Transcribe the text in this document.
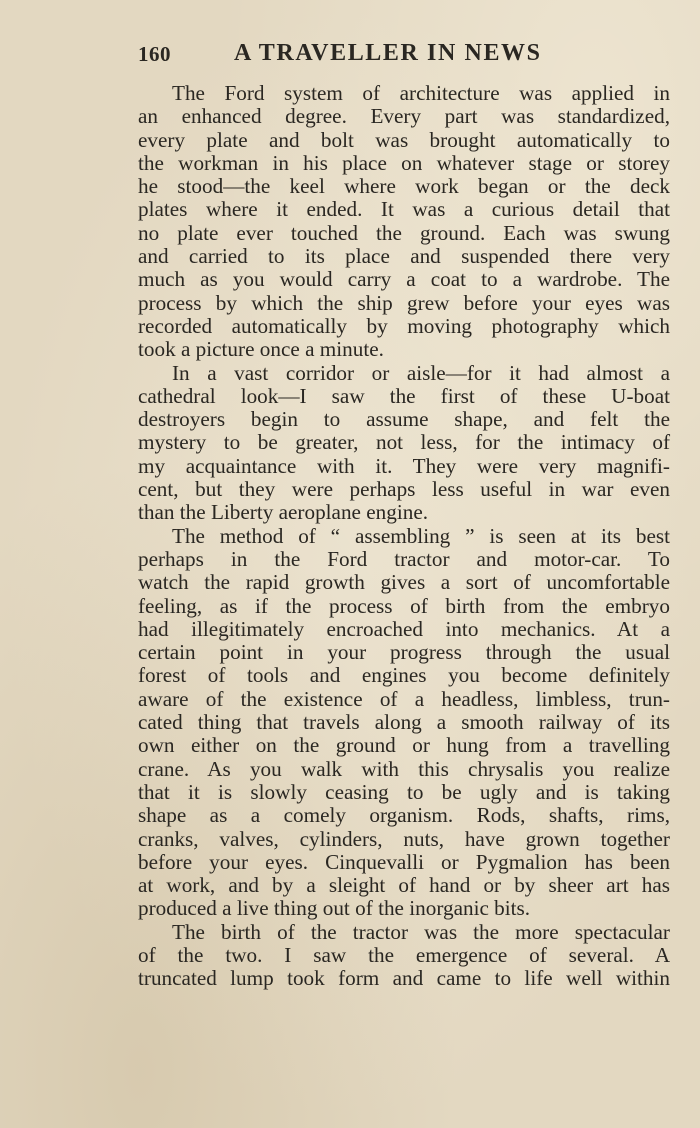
160	A TRAVELLER IN NEWS

The Ford system of architecture was applied in
an enhanced degree. Every part was standardized,
every plate and bolt was brought automatically to
the workman in his place on whatever stage or storey
he stood—the keel where work began or the deck
plates where it ended. It was a curious detail that
no plate ever touched the ground. Each was swung
and carried to its place and suspended there very
much as you would carry a coat to a wardrobe. The
process by which the ship grew before your eyes was
recorded automatically by moving photography which
took a picture once a minute.

In a vast corridor or aisle—for it had almost a
cathedral look—I saw the first of these U-boat
destroyers begin to assume shape, and felt the
mystery to be greater, not less, for the intimacy of
my acquaintance with it. They were very magnifi-
cent, but they were perhaps less useful in war even
than the Liberty aeroplane engine.

The method of “ assembling ” is seen at its best
perhaps in the Ford tractor and motor-car. To
watch the rapid growth gives a sort of uncomfortable
feeling, as if the process of birth from the embryo
had illegitimately encroached into mechanics. At a
certain point in your progress through the usual
forest of tools and engines you become definitely
aware of the existence of a headless, limbless, trun-
cated thing that travels along a smooth railway of its
own either on the ground or hung from a travelling
crane. As you walk with this chrysalis you realize
that it is slowly ceasing to be ugly and is taking
shape as a comely organism. Rods, shafts, rims,
cranks, valves, cylinders, nuts, have grown together
before your eyes. Cinquevalli or Pygmalion has been
at work, and by a sleight of hand or by sheer art has
produced a live thing out of the inorganic bits.

The birth of the tractor was the more spectacular
of the two. I saw the emergence of several. A
truncated lump took form and came to life well within
